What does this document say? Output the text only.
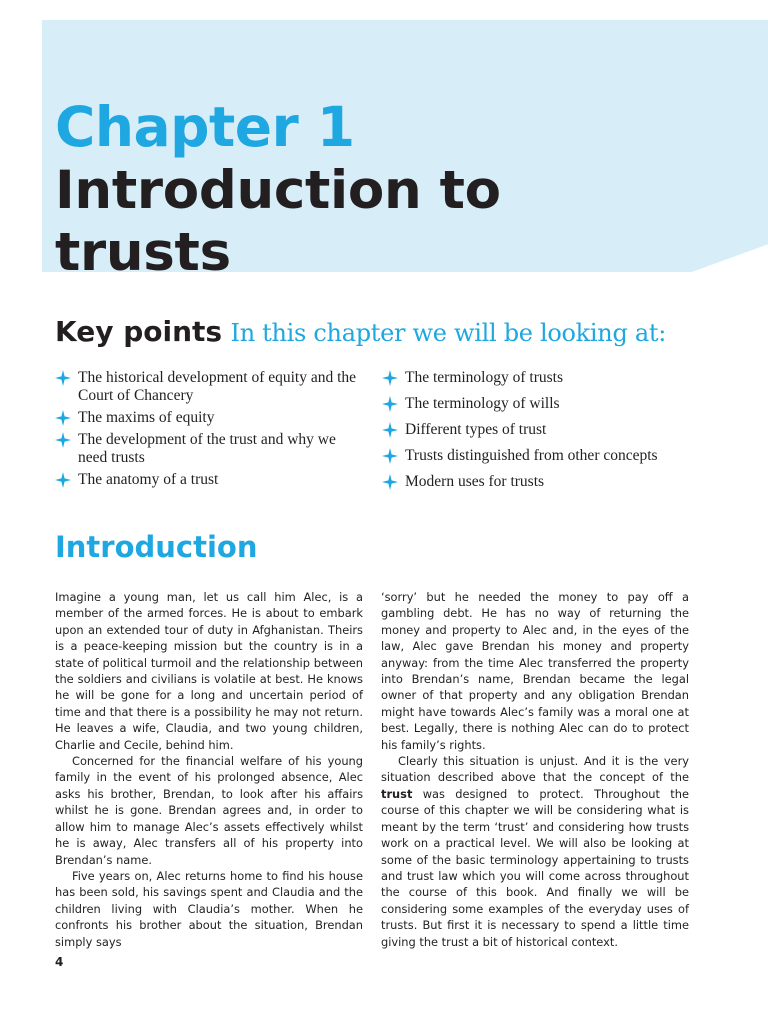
Chapter 1
Introduction to
trusts
Key points In this chapter we will be looking at:
The historical development of equity and the Court of Chancery
The maxims of equity
The development of the trust and why we need trusts
The anatomy of a trust
The terminology of trusts
The terminology of wills
Different types of trust
Trusts distinguished from other concepts
Modern uses for trusts
Introduction

Imagine a young man, let us call him Alec, is a member of the armed forces. He is about to embark upon an extended tour of duty in Afghanistan. Theirs is a peace-keeping mission but the country is in a state of political turmoil and the relationship between the soldiers and civilians is volatile at best. He knows he will be gone for a long and uncertain period of time and that there is a possibility he may not return. He leaves a wife, Claudia, and two young children, Charlie and Cecile, behind him.

Concerned for the financial welfare of his young family in the event of his prolonged absence, Alec asks his brother, Brendan, to look after his affairs whilst he is gone. Brendan agrees and, in order to allow him to manage Alec’s assets effectively whilst he is away, Alec transfers all of his property into Brendan’s name.

Five years on, Alec returns home to find his house has been sold, his savings spent and Claudia and the children living with Claudia’s mother. When he confronts his brother about the situation, Brendan simply says

‘sorry’ but he needed the money to pay off a gambling debt. He has no way of returning the money and property to Alec and, in the eyes of the law, Alec gave Brendan his money and property anyway: from the time Alec transferred the property into Brendan’s name, Brendan became the legal owner of that property and any obligation Brendan might have towards Alec’s family was a moral one at best. Legally, there is nothing Alec can do to protect his family’s rights.

Clearly this situation is unjust. And it is the very situation described above that the concept of the trust was designed to protect. Throughout the course of this chapter we will be considering what is meant by the term ‘trust’ and considering how trusts work on a practical level. We will also be looking at some of the basic terminology appertaining to trusts and trust law which you will come across throughout the course of this book. And finally we will be considering some examples of the everyday uses of trusts. But first it is necessary to spend a little time giving the trust a bit of historical context.

4
